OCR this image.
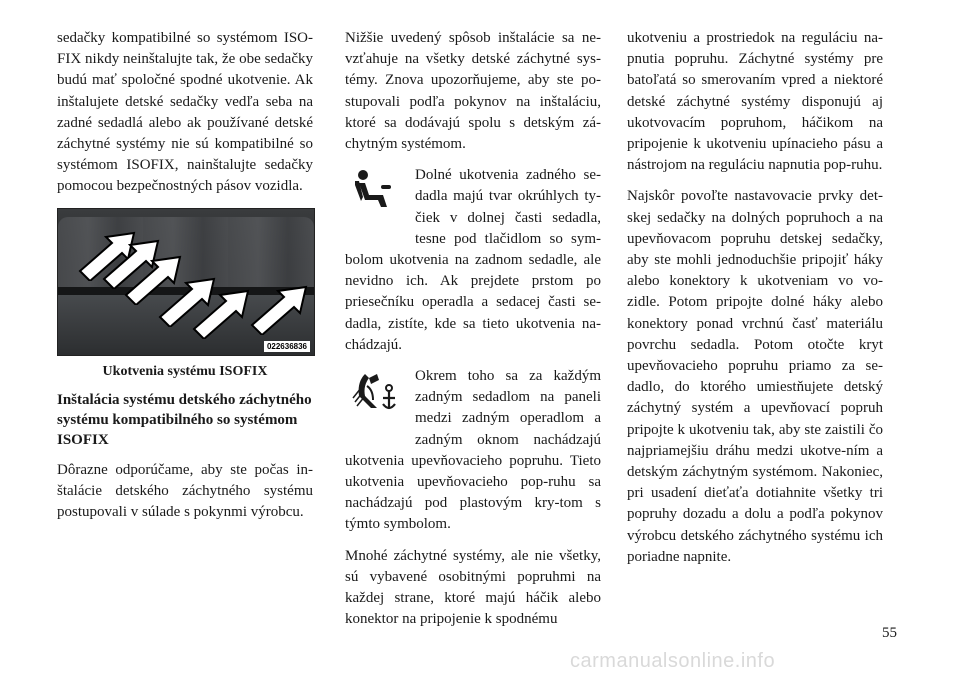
sedačky kompatibilné so systémom ISO-FIX nikdy neinštalujte tak, že obe sedačky budú mať spoločné spodné ukotvenie. Ak inštalujete detské sedačky vedľa seba na zadné sedadlá alebo ak používané detské záchytné systémy nie sú kompatibilné so systémom ISOFIX, nainštalujte sedačky pomocou bezpečnostných pásov vozidla.

022636836
Ukotvenia systému ISOFIX
Inštalácia systému detského záchytného systému kompatibilného so systémom ISOFIX

Dôrazne odporúčame, aby ste počas in-štalácie detského záchytného systému postupovali v súlade s pokynmi výrobcu.

Nižšie uvedený spôsob inštalácie sa ne-vzťahuje na všetky detské záchytné sys-témy. Znova upozorňujeme, aby ste po-stupovali podľa pokynov na inštaláciu, ktoré sa dodávajú spolu s detským zá-chytným systémom.

Dolné ukotvenia zadného se-dadla majú tvar okrúhlych ty-čiek v dolnej časti sedadla, tesne pod tlačidlom so sym-bolom ukotvenia na zadnom sedadle, ale nevidno ich. Ak prejdete prstom po priesečníku operadla a sedacej časti se-dadla, zistíte, kde sa tieto ukotvenia na-chádzajú.

Okrem toho sa za každým zadným sedadlom na paneli medzi zadným operadlom a zadným oknom nachádzajú ukotvenia upevňovacieho popruhu. Tieto ukotvenia upevňovacieho pop-ruhu sa nachádzajú pod plastovým kry-tom s týmto symbolom.

Mnohé záchytné systémy, ale nie všetky, sú vybavené osobitnými popruhmi na každej strane, ktoré majú háčik alebo konektor na pripojenie k spodnému

ukotveniu a prostriedok na reguláciu na-pnutia popruhu. Záchytné systémy pre batoľatá so smerovaním vpred a niektoré detské záchytné systémy disponujú aj ukotvovacím popruhom, háčikom na pripojenie k ukotveniu upínacieho pásu a nástrojom na reguláciu napnutia pop-ruhu.

Najskôr povoľte nastavovacie prvky det-skej sedačky na dolných popruhoch a na upevňovacom popruhu detskej sedačky, aby ste mohli jednoduchšie pripojiť háky alebo konektory k ukotveniam vo vo-zidle. Potom pripojte dolné háky alebo konektory ponad vrchnú časť materiálu povrchu sedadla. Potom otočte kryt upevňovacieho popruhu priamo za se-dadlo, do ktorého umiestňujete detský záchytný systém a upevňovací popruh pripojte k ukotveniu tak, aby ste zaistili čo najpriamejšiu dráhu medzi ukotve-ním a detským záchytným systémom. Nakoniec, pri usadení dieťaťa dotiahnite všetky tri popruhy dozadu a dolu a podľa pokynov výrobcu detského záchytného systému ich poriadne napnite.

55
carmanualsonline.info
